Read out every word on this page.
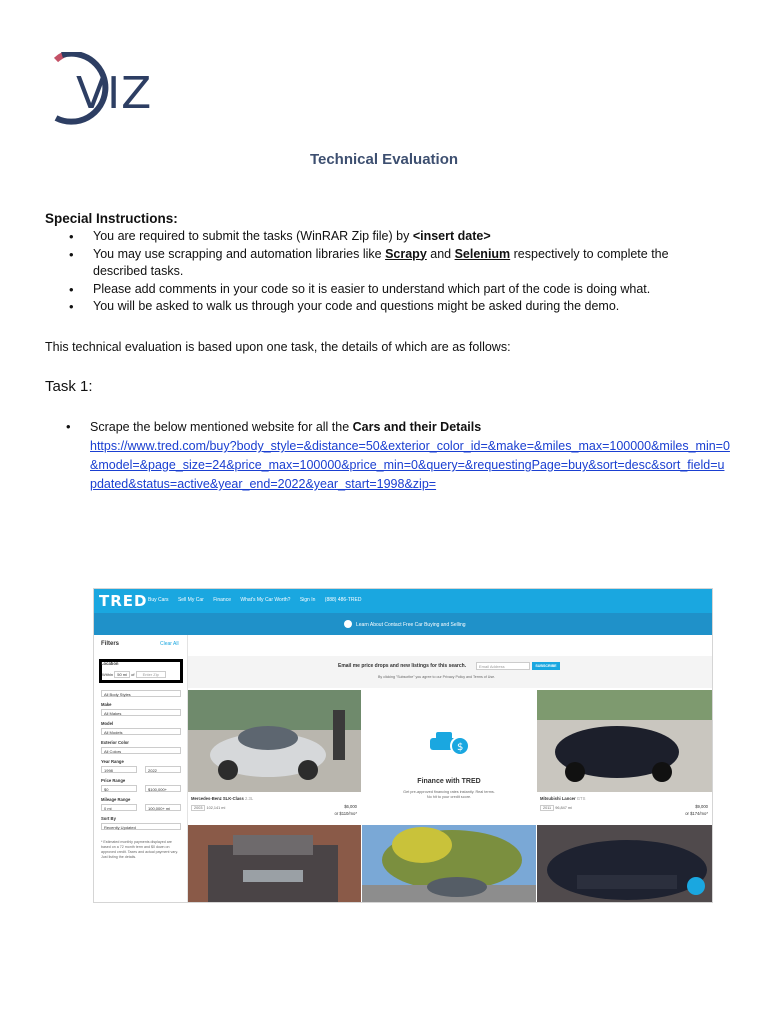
VIZ
Technical Evaluation
Special Instructions:
• You are required to submit the tasks (WinRAR Zip file) by <insert date>
• You may use scrapping and automation libraries like Scrapy and Selenium respectively to complete the described tasks.
• Please add comments in your code so it is easier to understand which part of the code is doing what.
• You will be asked to walk us through your code and questions might be asked during the demo.
This technical evaluation is based upon one task, the details of which are as follows:
Task 1:
• Scrape the below mentioned website for all the Cars and their Details
https://www.tred.com/buy?body_style=&distance=50&exterior_color_id=&make=&miles_max=100000&miles_min=0&model=&page_size=24&price_max=100000&price_min=0&query=&requestingPage=buy&sort=desc&sort_field=updated&status=active&year_end=2022&year_start=1998&zip=
TRED Buy Cars Sell My Car Finance What's My Car Worth? Sign In (888) 486-TRED
Learn About Contact Free Car Buying and Selling
Filters	Clear All
Location
Within 50 mi of Enter Zip
All Body Styles
Make
All Makes
Model
All Models
Exterior Color
All Colors
Year Range
1998	2022
Price Range
$0	$100,000+
Mileage Range
0 mi	100,000+ mi
Sort By
Recently Updated
* Estimated monthly payments displayed are based on a 72 month term and $0 down on approved credit. Taxes and actual payment vary. Just listing the details.
Email me price drops and new listings for this search.	Email Address	SUBSCRIBE
By clicking "Subscribe" you agree to our Privacy Policy and Terms of Use.
Mercedes-Benz SLK-Class 2.3L
2003 102,141 mi	$6,000
or $110/mo*
$
Finance with TRED
Get pre-approved financing rates instantly. Real terms. No hit to your credit score.	Mitsubishi Lancer GTS
2011 96,847 mi	$9,000
or $174/mo*
